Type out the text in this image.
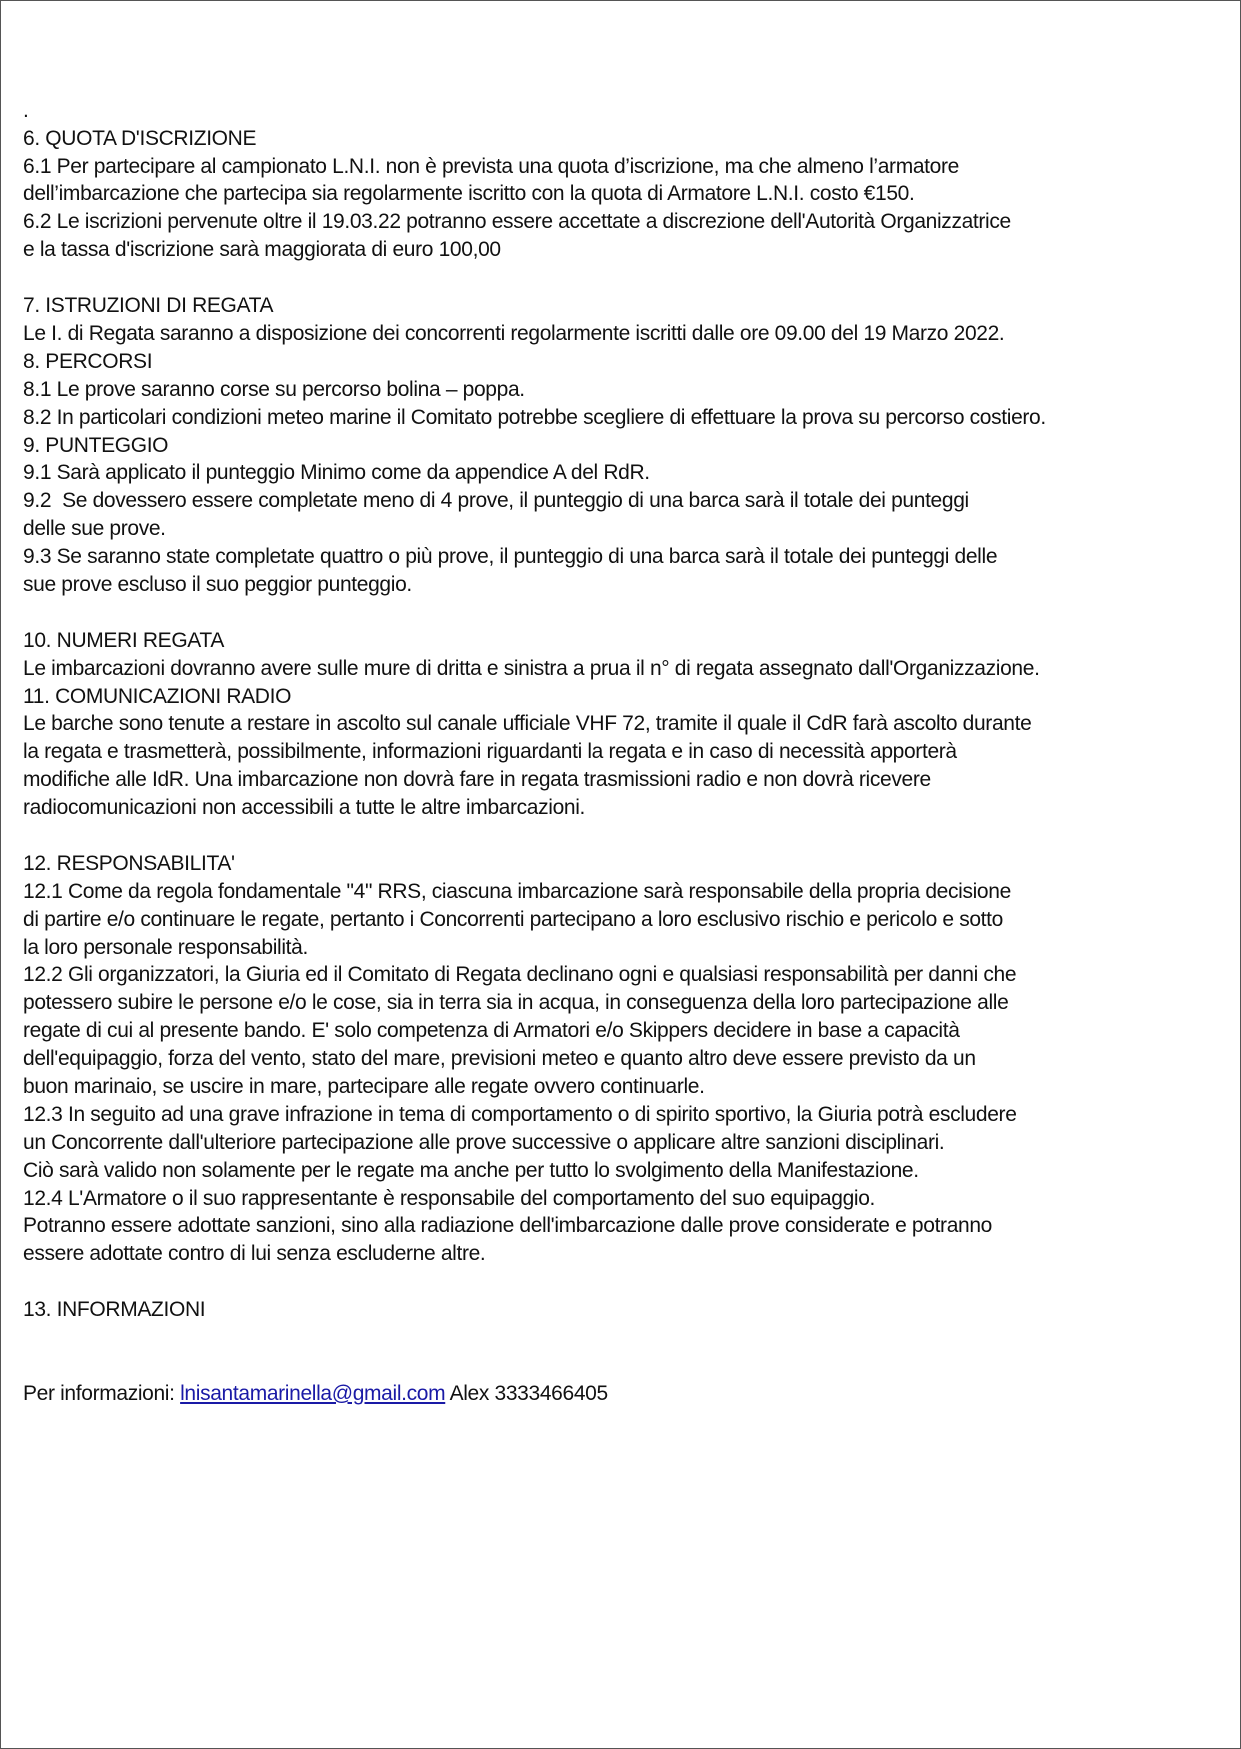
.
6. QUOTA D'ISCRIZIONE
6.1 Per partecipare al campionato L.N.I. non è prevista una quota d’iscrizione, ma che almeno l’armatore
dell’imbarcazione che partecipa sia regolarmente iscritto con la quota di Armatore L.N.I. costo €150.
6.2 Le iscrizioni pervenute oltre il 19.03.22 potranno essere accettate a discrezione dell'Autorità Organizzatrice
e la tassa d'iscrizione sarà maggiorata di euro 100,00
7. ISTRUZIONI DI REGATA
Le I. di Regata saranno a disposizione dei concorrenti regolarmente iscritti dalle ore 09.00 del 19 Marzo 2022.
8. PERCORSI
8.1 Le prove saranno corse su percorso bolina – poppa.
8.2 In particolari condizioni meteo marine il Comitato potrebbe scegliere di effettuare la prova su percorso costiero.
9. PUNTEGGIO
9.1 Sarà applicato il punteggio Minimo come da appendice A del RdR.
9.2  Se dovessero essere completate meno di 4 prove, il punteggio di una barca sarà il totale dei punteggi
delle sue prove.
9.3 Se saranno state completate quattro o più prove, il punteggio di una barca sarà il totale dei punteggi delle
sue prove escluso il suo peggior punteggio.
10. NUMERI REGATA
Le imbarcazioni dovranno avere sulle mure di dritta e sinistra a prua il n° di regata assegnato dall'Organizzazione.
11. COMUNICAZIONI RADIO
Le barche sono tenute a restare in ascolto sul canale ufficiale VHF 72, tramite il quale il CdR farà ascolto durante
la regata e trasmetterà, possibilmente, informazioni riguardanti la regata e in caso di necessità apporterà
modifiche alle IdR. Una imbarcazione non dovrà fare in regata trasmissioni radio e non dovrà ricevere
radiocomunicazioni non accessibili a tutte le altre imbarcazioni.
12. RESPONSABILITA'
12.1 Come da regola fondamentale "4" RRS, ciascuna imbarcazione sarà responsabile della propria decisione
di partire e/o continuare le regate, pertanto i Concorrenti partecipano a loro esclusivo rischio e pericolo e sotto
la loro personale responsabilità.
12.2 Gli organizzatori, la Giuria ed il Comitato di Regata declinano ogni e qualsiasi responsabilità per danni che
potessero subire le persone e/o le cose, sia in terra sia in acqua, in conseguenza della loro partecipazione alle
regate di cui al presente bando. E' solo competenza di Armatori e/o Skippers decidere in base a capacità
dell'equipaggio, forza del vento, stato del mare, previsioni meteo e quanto altro deve essere previsto da un
buon marinaio, se uscire in mare, partecipare alle regate ovvero continuarle.
12.3 In seguito ad una grave infrazione in tema di comportamento o di spirito sportivo, la Giuria potrà escludere
un Concorrente dall'ulteriore partecipazione alle prove successive o applicare altre sanzioni disciplinari.
Ciò sarà valido non solamente per le regate ma anche per tutto lo svolgimento della Manifestazione.
12.4 L'Armatore o il suo rappresentante è responsabile del comportamento del suo equipaggio.
Potranno essere adottate sanzioni, sino alla radiazione dell'imbarcazione dalle prove considerate e potranno
essere adottate contro di lui senza escluderne altre.
13. INFORMAZIONI

Per informazioni: lnisantamarinella@gmail.com Alex 3333466405
